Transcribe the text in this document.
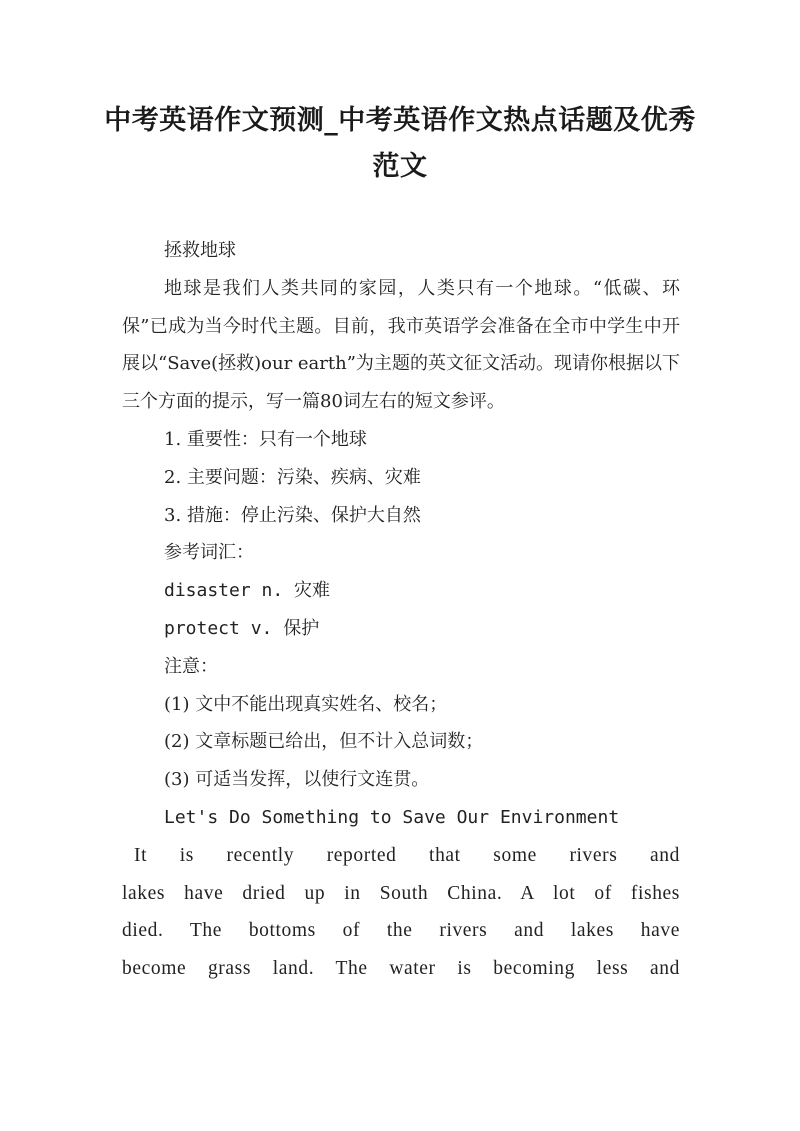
中考英语作文预测_中考英语作文热点话题及优秀范文
拯救地球
地球是我们人类共同的家园，人类只有一个地球。“低碳、环保”已成为当今时代主题。目前，我市英语学会准备在全市中学生中开展以“Save(拯救)our earth”为主题的英文征文活动。现请你根据以下三个方面的提示，写一篇80词左右的短文参评。
1. 重要性：只有一个地球
2. 主要问题：污染、疾病、灾难
3. 措施：停止污染、保护大自然
参考词汇：
disaster n. 灾难
protect v. 保护
注意：
(1) 文中不能出现真实姓名、校名；
(2) 文章标题已给出，但不计入总词数；
(3) 可适当发挥，以使行文连贯。
Let's Do Something to Save Our Environment
It is recently reported that some rivers and
lakes have dried up in South China. A lot of fishes
died. The bottoms of the rivers and lakes have
become grass land. The water is becoming less and
